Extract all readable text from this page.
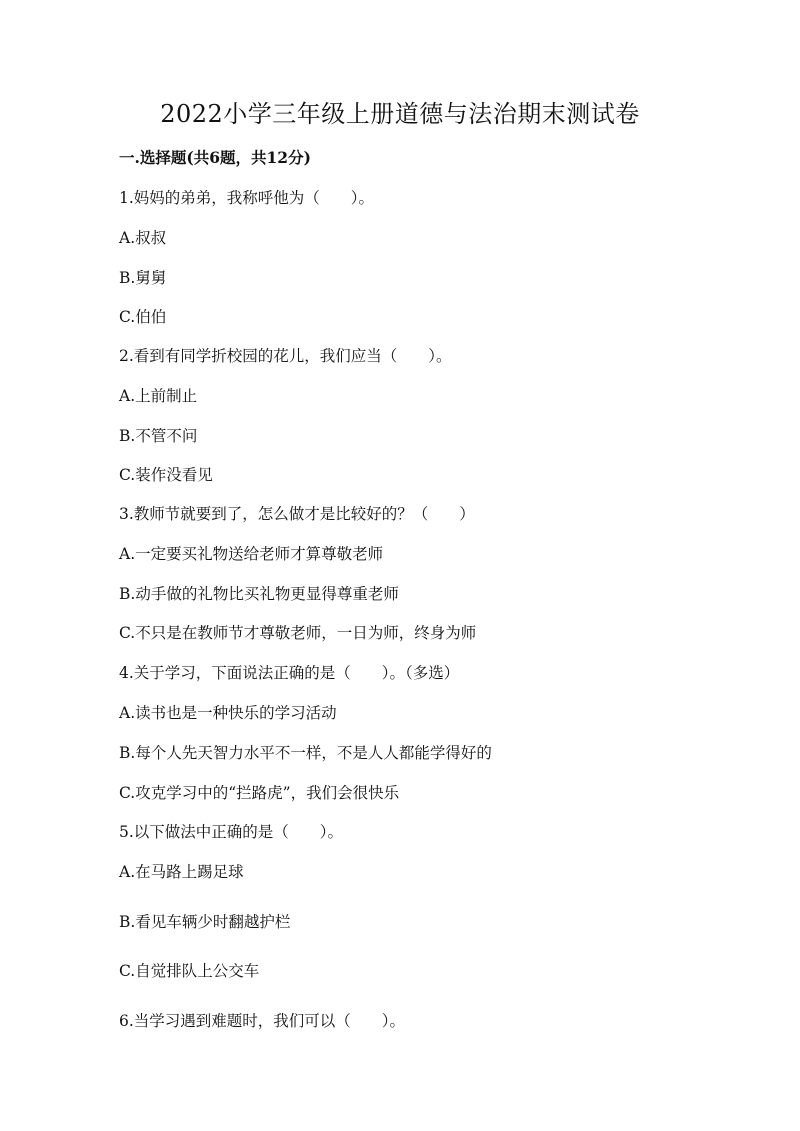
2022小学三年级上册道德与法治期末测试卷
一.选择题(共6题，共12分)
1.妈妈的弟弟，我称呼他为（　　）。
A.叔叔
B.舅舅
C.伯伯
2.看到有同学折校园的花儿，我们应当（　　）。
A.上前制止
B.不管不问
C.装作没看见
3.教师节就要到了，怎么做才是比较好的？（　　）
A.一定要买礼物送给老师才算尊敬老师
B.动手做的礼物比买礼物更显得尊重老师
C.不只是在教师节才尊敬老师，一日为师，终身为师
4.关于学习，下面说法正确的是（　　）。（多选）
A.读书也是一种快乐的学习活动
B.每个人先天智力水平不一样，不是人人都能学得好的
C.攻克学习中的“拦路虎”，我们会很快乐
5.以下做法中正确的是（　　）。
A.在马路上踢足球
B.看见车辆少时翻越护栏
C.自觉排队上公交车
6.当学习遇到难题时，我们可以（　　）。
